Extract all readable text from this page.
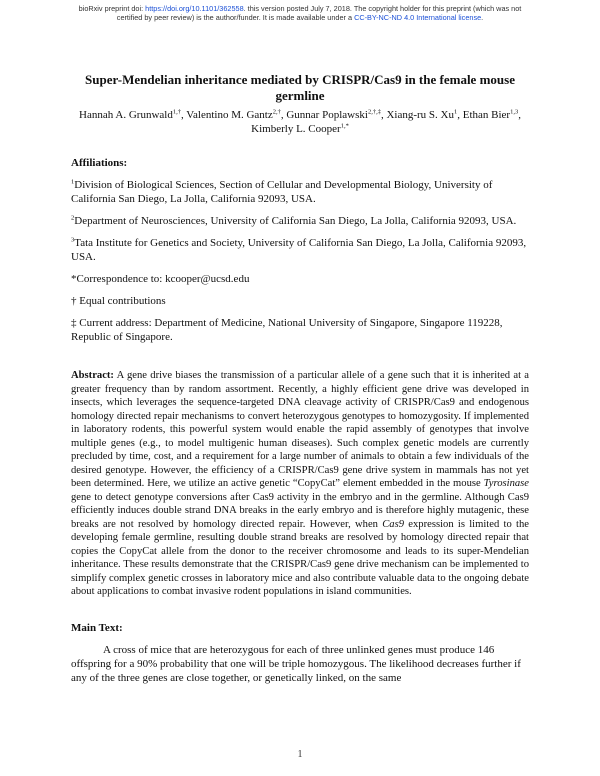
bioRxiv preprint doi: https://doi.org/10.1101/362558. this version posted July 7, 2018. The copyright holder for this preprint (which was not
certified by peer review) is the author/funder. It is made available under a CC-BY-NC-ND 4.0 International license.
Super-Mendelian inheritance mediated by CRISPR/Cas9 in the female mouse germline

Hannah A. Grunwald$^{1,\dagger}$, Valentino M. Gantz$^{2,\dagger}$, Gunnar Poplawski$^{2,\dagger,\ddagger}$, Xiang-ru S. Xu$^1$, Ethan Bier$^{1,3}$, Kimberly L. Cooper$^{1,*}$

Affiliations:

$^1$Division of Biological Sciences, Section of Cellular and Developmental Biology, University of California San Diego, La Jolla, California 92093, USA.

$^2$Department of Neurosciences, University of California San Diego, La Jolla, California 92093, USA.

$^3$Tata Institute for Genetics and Society, University of California San Diego, La Jolla, California 92093, USA.

*Correspondence to: kcooper@ucsd.edu

† Equal contributions

‡ Current address: Department of Medicine, National University of Singapore, Singapore 119228, Republic of Singapore.

Abstract: A gene drive biases the transmission of a particular allele of a gene such that it is inherited at a greater frequency than by random assortment. Recently, a highly efficient gene drive was developed in insects, which leverages the sequence-targeted DNA cleavage activity of CRISPR/Cas9 and endogenous homology directed repair mechanisms to convert heterozygous genotypes to homozygosity. If implemented in laboratory rodents, this powerful system would enable the rapid assembly of genotypes that involve multiple genes (e.g., to model multigenic human diseases). Such complex genetic models are currently precluded by time, cost, and a requirement for a large number of animals to obtain a few individuals of the desired genotype. However, the efficiency of a CRISPR/Cas9 gene drive system in mammals has not yet been determined. Here, we utilize an active genetic “CopyCat” element embedded in the mouse Tyrosinase gene to detect genotype conversions after Cas9 activity in the embryo and in the germline. Although Cas9 efficiently induces double strand DNA breaks in the early embryo and is therefore highly mutagenic, these breaks are not resolved by homology directed repair. However, when Cas9 expression is limited to the developing female germline, resulting double strand breaks are resolved by homology directed repair that copies the CopyCat allele from the donor to the receiver chromosome and leads to its super-Mendelian inheritance. These results demonstrate that the CRISPR/Cas9 gene drive mechanism can be implemented to simplify complex genetic crosses in laboratory mice and also contribute valuable data to the ongoing debate about applications to combat invasive rodent populations in island communities.

Main Text:

A cross of mice that are heterozygous for each of three unlinked genes must produce 146 offspring for a 90% probability that one will be triple homozygous. The likelihood decreases further if any of the three genes are close together, or genetically linked, on the same

1
